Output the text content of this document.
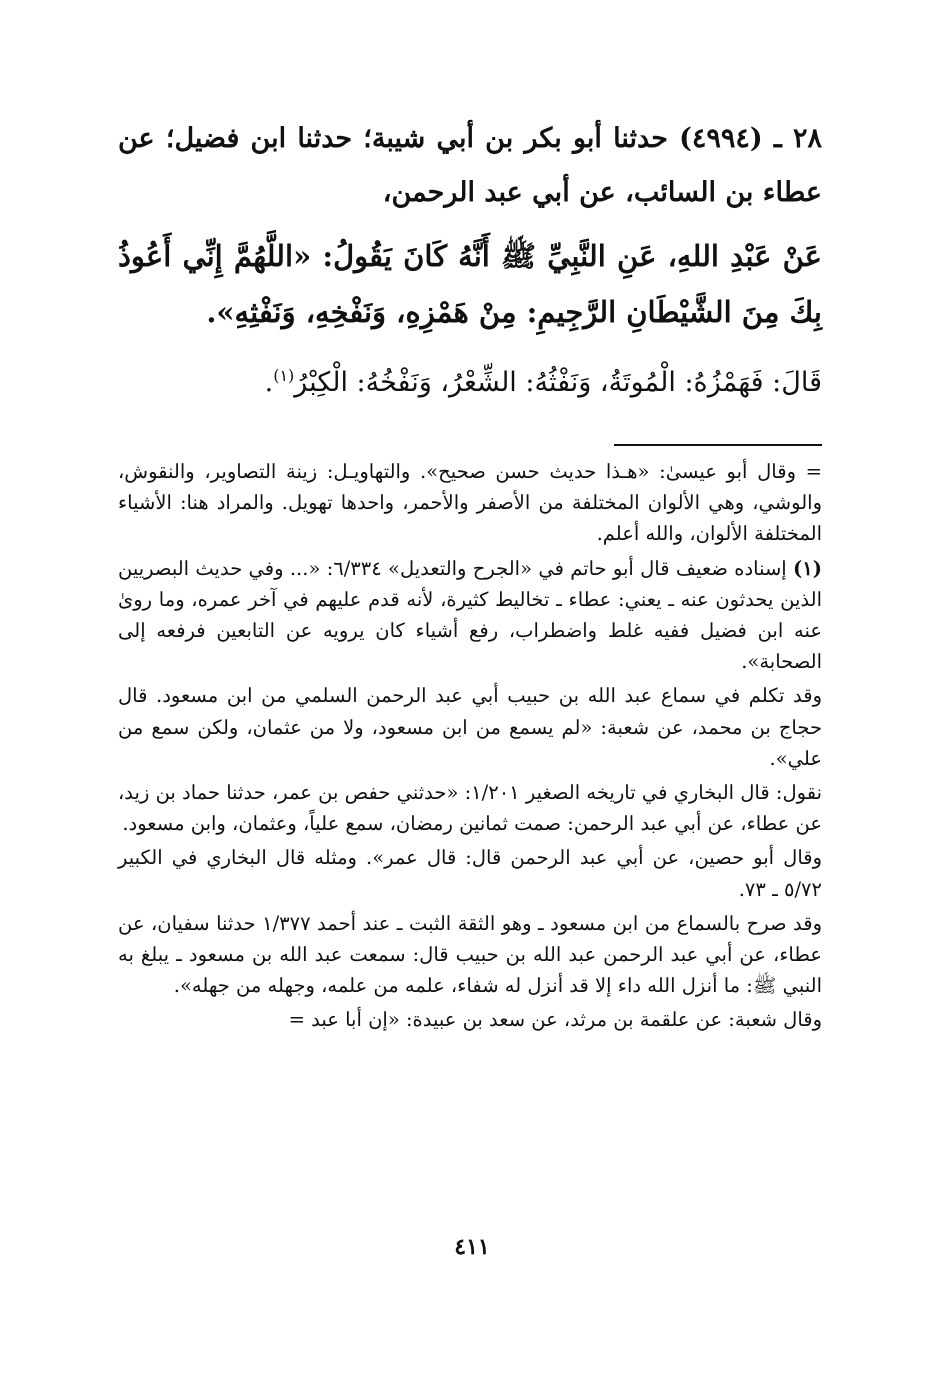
٢٨ ـ (٤٩٩٤) حدثنا أبو بكر بن أبي شيبة؛ حدثنا ابن فضيل؛ عن عطاء بن السائب، عن أبي عبد الرحمن،

عَنْ عَبْدِ اللهِ، عَنِ النَّبِيِّ ﷺ أَنَّهُ كَانَ يَقُولُ: «اللَّهُمَّ إِنِّي أَعُوذُ بِكَ مِنَ الشَّيْطَانِ الرَّجِيمِ: مِنْ هَمْزِهِ، وَنَفْخِهِ، وَنَفْثِهِ».

قَالَ: فَهَمْزُهُ: الْمُوتَةُ، وَنَفْثُهُ: الشِّعْرُ، وَنَفْخُهُ: الْكِبْرُ$^{(١)}$.

= وقال أبو عيسىٰ: «هـذا حديث حسن صحيح». والتهاويـل: زينة التصاوير، والنقوش، والوشي، وهي الألوان المختلفة من الأصفر والأحمر، واحدها تهويل. والمراد هنا: الأشياء المختلفة الألوان، والله أعلم.

(١) إسناده ضعيف قال أبو حاتم في «الجرح والتعديل» ٦/٣٣٤: «... وفي حديث البصريين الذين يحدثون عنه ـ يعني: عطاء ـ تخاليط كثيرة، لأنه قدم عليهم في آخر عمره، وما روىٰ عنه ابن فضيل ففيه غلط واضطراب، رفع أشياء كان يرويه عن التابعين فرفعه إلى الصحابة».

وقد تكلم في سماع عبد الله بن حبيب أبي عبد الرحمن السلمي من ابن مسعود. قال حجاج بن محمد، عن شعبة: «لم يسمع من ابن مسعود، ولا من عثمان، ولكن سمع من علي».

نقول: قال البخاري في تاريخه الصغير ١/٢٠١: «حدثني حفص بن عمر، حدثنا حماد بن زيد، عن عطاء، عن أبي عبد الرحمن: صمت ثمانين رمضان، سمع علياً، وعثمان، وابن مسعود.

وقال أبو حصين، عن أبي عبد الرحمن قال: قال عمر». ومثله قال البخاري في الكبير ٥/٧٢ ـ ٧٣.

وقد صرح بالسماع من ابن مسعود ـ وهو الثقة الثبت ـ عند أحمد ١/٣٧٧ حدثنا سفيان، عن عطاء، عن أبي عبد الرحمن عبد الله بن حبيب قال: سمعت عبد الله بن مسعود ـ يبلغ به النبي ﷺ: ما أنزل الله داء إلا قد أنزل له شفاء، علمه من علمه، وجهله من جهله».

وقال شعبة: عن علقمة بن مرثد، عن سعد بن عبيدة: «إن أبا عبد =

٤١١
